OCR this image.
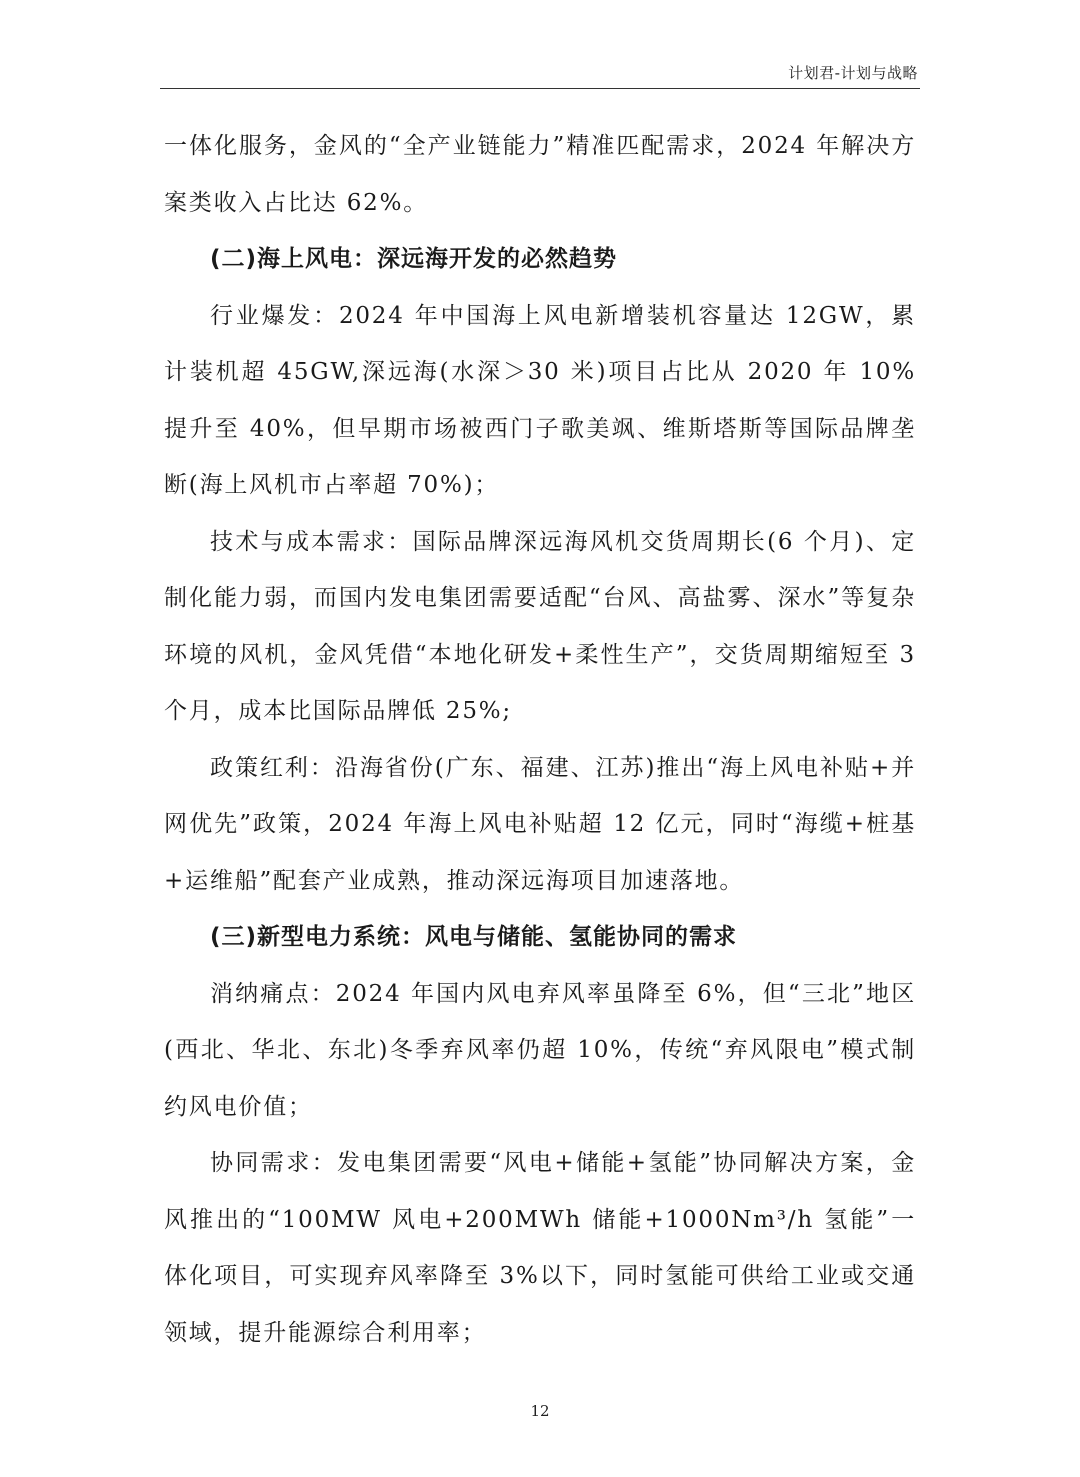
计划君-计划与战略

一体化服务，金风的“全产业链能力”精准匹配需求，2024 年解决方案类收入占比达 62%。

(二)海上风电：深远海开发的必然趋势

行业爆发：2024 年中国海上风电新增装机容量达 12GW，累计装机超 45GW,深远海(水深＞30 米)项目占比从 2020 年 10%提升至 40%，但早期市场被西门子歌美飒、维斯塔斯等国际品牌垄断(海上风机市占率超 70%)；

技术与成本需求：国际品牌深远海风机交货周期长(6 个月)、定制化能力弱，而国内发电集团需要适配“台风、高盐雾、深水”等复杂环境的风机，金风凭借“本地化研发+柔性生产”，交货周期缩短至 3 个月，成本比国际品牌低 25%;

政策红利：沿海省份(广东、福建、江苏)推出“海上风电补贴+并网优先”政策，2024 年海上风电补贴超 12 亿元，同时“海缆+桩基+运维船”配套产业成熟，推动深远海项目加速落地。

(三)新型电力系统：风电与储能、氢能协同的需求

消纳痛点：2024 年国内风电弃风率虽降至 6%，但“三北”地区(西北、华北、东北)冬季弃风率仍超 10%，传统“弃风限电”模式制约风电价值；

协同需求：发电集团需要“风电+储能+氢能”协同解决方案，金风推出的“100MW 风电+200MWh 储能+1000Nm³/h 氢能”一体化项目，可实现弃风率降至 3%以下，同时氢能可供给工业或交通领域，提升能源综合利用率；

12
